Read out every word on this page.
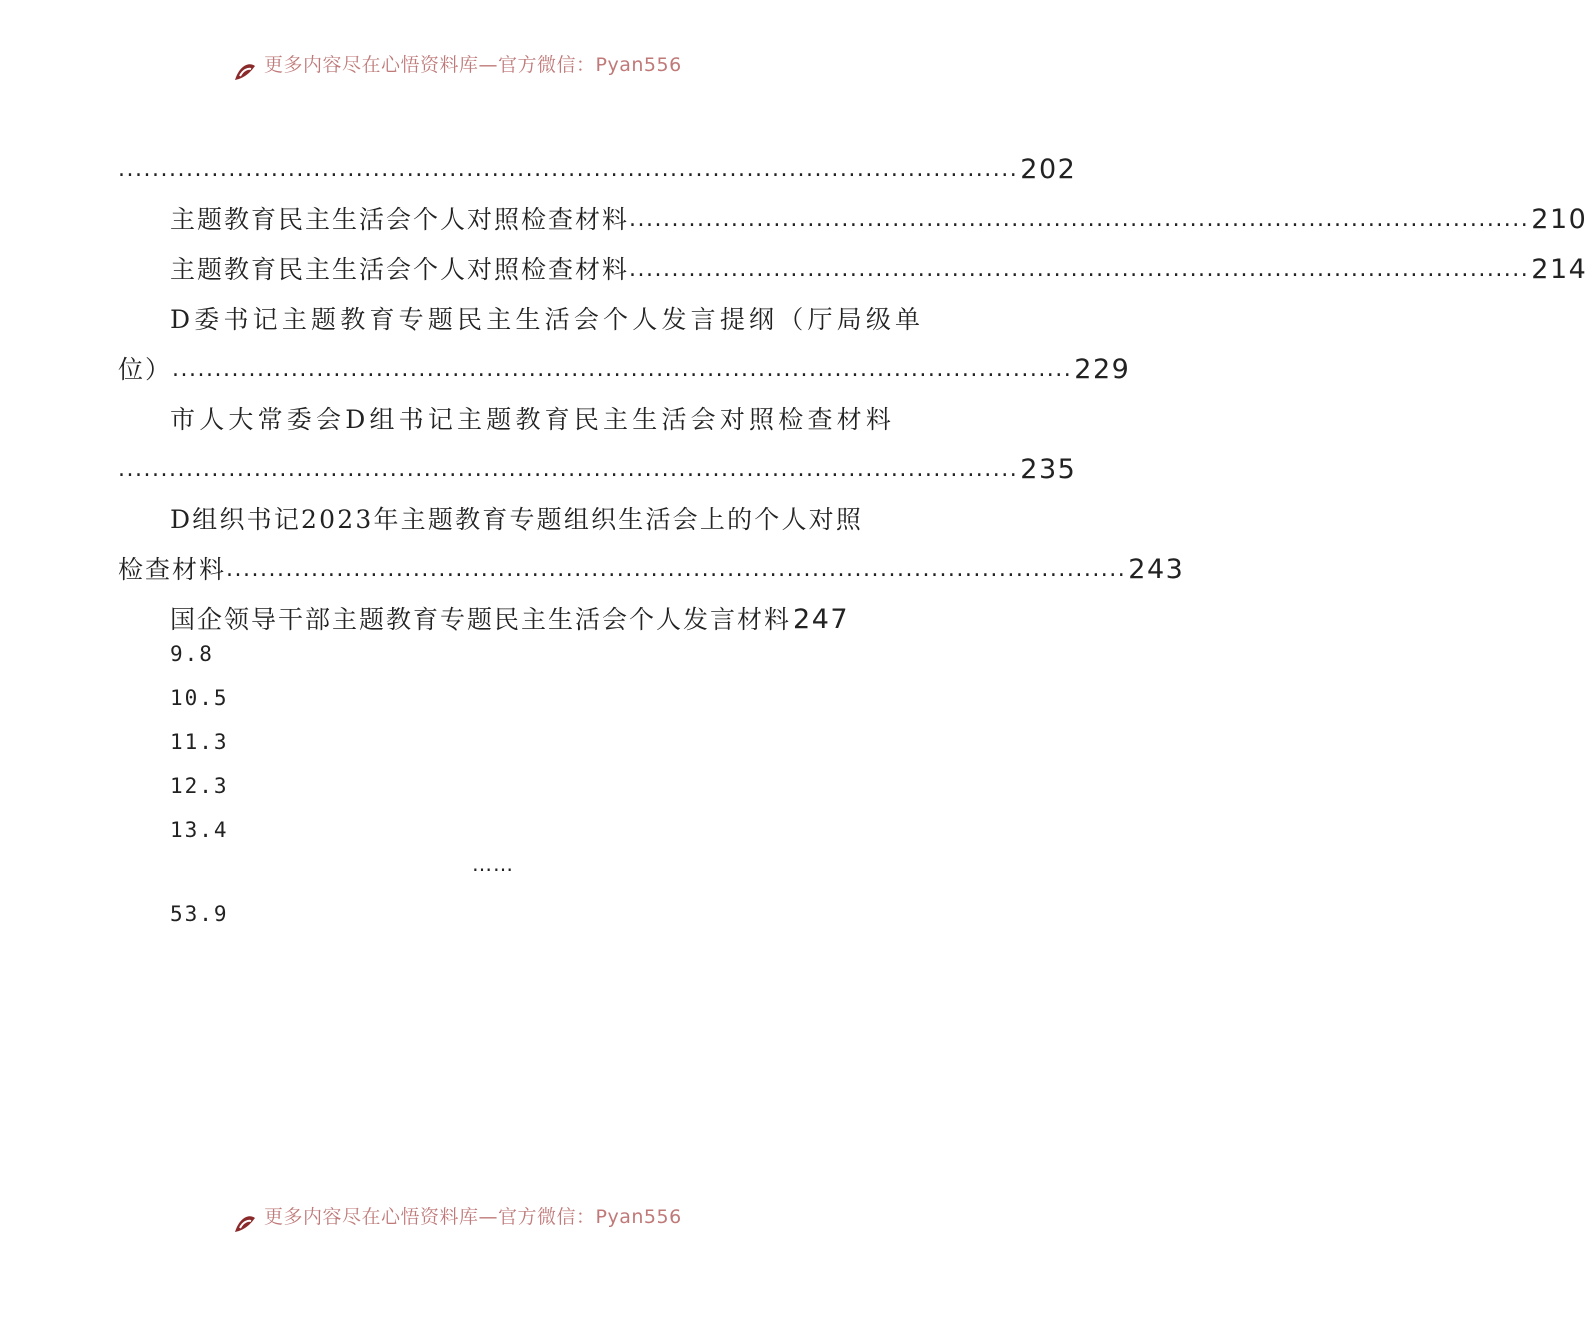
更多内容尽在心悟资料库—官方微信：Pyan556
.......................................................................................................... 202
主题教育民主生活会个人对照检查材料 .......................................................................................................... 210
主题教育民主生活会个人对照检查材料 .......................................................................................................... 214
D委书记主题教育专题民主生活会个人发言提纲（厅局级单
位） .......................................................................................................... 229
市人大常委会D组书记主题教育民主生活会对照检查材料
.......................................................................................................... 235
D组织书记2023年主题教育专题组织生活会上的个人对照
检查材料 .......................................................................................................... 243
国企领导干部主题教育专题民主生活会个人发言材料 247
9.8
10.5
11.3
12.3
13.4
……
53.9
更多内容尽在心悟资料库—官方微信：Pyan556
